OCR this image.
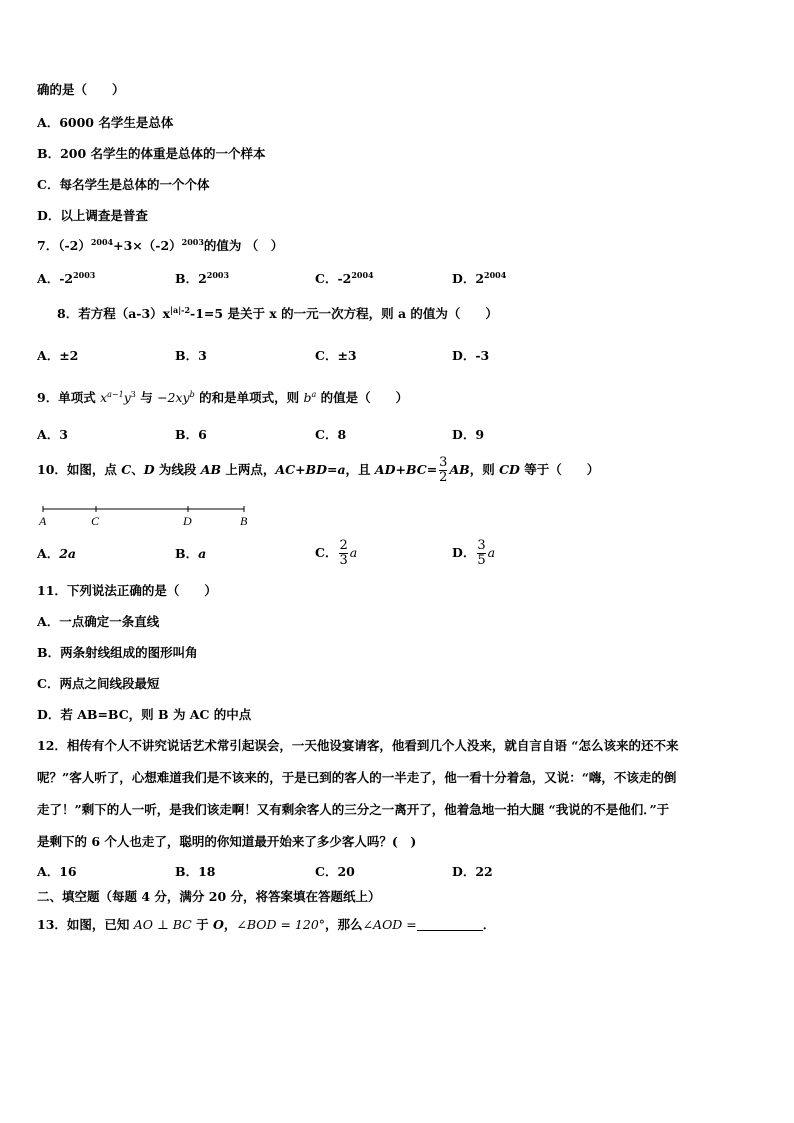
确的是（　　）
A．6000 名学生是总体
B．200 名学生的体重是总体的一个样本
C．每名学生是总体的一个个体
D．以上调查是普查
7．$(-2)^{2004}+3\times(-2)^{2003}$的值为 （　）
A．$-2^{2003}$	B．$2^{2003}$	C．$-2^{2004}$	D．$2^{2004}$
8．若方程$(a-3)x^{|a|-2}-1=5$ 是关于 x 的一元一次方程，则 a 的值为（　　）
A．±2	B．3	C．±3	D．-3
9．单项式 $x^{a-1}y^3$ 与 $-2xy^b$ 的和是单项式，则 $b^a$ 的值是（　　）
A．3	B．6	C．8	D．9
10．如图，点 C、D 为线段 AB 上两点，AC+BD=a，且 $AD+BC= \frac{3}{2}$ AB，则 CD 等于（　　）
A	C	D	B
A．2a	B．a	C． $\frac{2}{3}$ a	D． $\frac{3}{5}$ a
11．下列说法正确的是（　　）
A．一点确定一条直线
B．两条射线组成的图形叫角
C．两点之间线段最短
D．若 AB=BC，则 B 为 AC 的中点
12．相传有个人不讲究说话艺术常引起误会，一天他设宴请客，他看到几个人没来，就自言自语 “怎么该来的还不来
呢？”客人听了，心想难道我们是不该来的，于是已到的客人的一半走了，他一看十分着急，又说：“嗨，不该走的倒
走了！”剩下的人一听，是我们该走啊！又有剩余客人的三分之一离开了，他着急地一拍大腿 “我说的不是他们．”于
是剩下的 6 个人也走了，聪明的你知道最开始来了多少客人吗？(　)
A．16	B．18	C．20	D．22
二、填空题（每题 4 分，满分 20 分，将答案填在答题纸上）
13．如图，已知 AO ⊥ BC 于 O，∠BOD = 120°，那么∠AOD =	．
